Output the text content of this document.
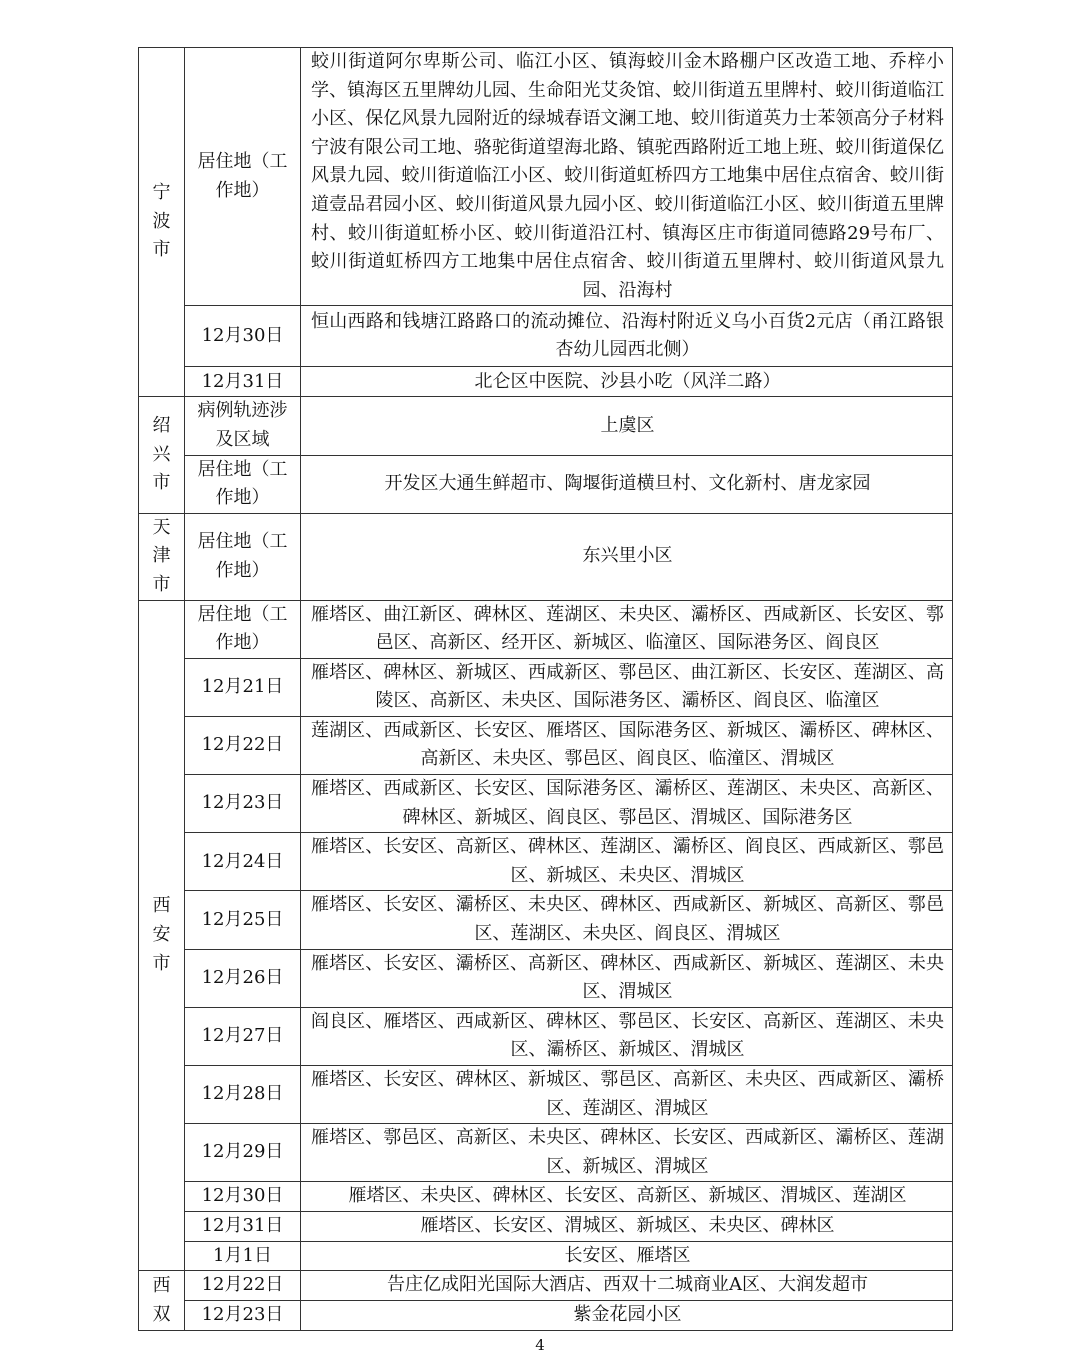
宁波市	居住地（工作地）	蛟川街道阿尔卑斯公司、临江小区、镇海蛟川金木路棚户区改造工地、乔梓小学、镇海区五里牌幼儿园、生命阳光艾灸馆、蛟川街道五里牌村、蛟川街道临江小区、保亿风景九园附近的绿城春语文澜工地、蛟川街道英力士苯领高分子材料宁波有限公司工地、骆驼街道望海北路、镇驼西路附近工地上班、蛟川街道保亿风景九园、蛟川街道临江小区、蛟川街道虹桥四方工地集中居住点宿舍、蛟川街道壹品君园小区、蛟川街道风景九园小区、蛟川街道临江小区、蛟川街道五里牌村、蛟川街道虹桥小区、蛟川街道沿江村、镇海区庄市街道同德路29号布厂、蛟川街道虹桥四方工地集中居住点宿舍、蛟川街道五里牌村、蛟川街道风景九园、沿海村
	12月30日	恒山西路和钱塘江路路口的流动摊位、沿海村附近义乌小百货2元店（甬江路银杏幼儿园西北侧）
	12月31日	北仑区中医院、沙县小吃（风洋二路）

绍兴市	病例轨迹涉及区域	上虞区
	居住地（工作地）	开发区大通生鲜超市、陶堰街道横旦村、文化新村、唐龙家园

天津市	居住地（工作地）	东兴里小区

西安市	居住地（工作地）	雁塔区、曲江新区、碑林区、莲湖区、未央区、灞桥区、西咸新区、长安区、鄠邑区、高新区、经开区、新城区、临潼区、国际港务区、阎良区
	12月21日	雁塔区、碑林区、新城区、西咸新区、鄠邑区、曲江新区、长安区、莲湖区、高陵区、高新区、未央区、国际港务区、灞桥区、阎良区、临潼区
	12月22日	莲湖区、西咸新区、长安区、雁塔区、国际港务区、新城区、灞桥区、碑林区、高新区、未央区、鄠邑区、阎良区、临潼区、渭城区
	12月23日	雁塔区、西咸新区、长安区、国际港务区、灞桥区、莲湖区、未央区、高新区、碑林区、新城区、阎良区、鄠邑区、渭城区、国际港务区
	12月24日	雁塔区、长安区、高新区、碑林区、莲湖区、灞桥区、阎良区、西咸新区、鄠邑区、新城区、未央区、渭城区
	12月25日	雁塔区、长安区、灞桥区、未央区、碑林区、西咸新区、新城区、高新区、鄠邑区、莲湖区、未央区、阎良区、渭城区
	12月26日	雁塔区、长安区、灞桥区、高新区、碑林区、西咸新区、新城区、莲湖区、未央区、渭城区
	12月27日	阎良区、雁塔区、西咸新区、碑林区、鄠邑区、长安区、高新区、莲湖区、未央区、灞桥区、新城区、渭城区
	12月28日	雁塔区、长安区、碑林区、新城区、鄠邑区、高新区、未央区、西咸新区、灞桥区、莲湖区、渭城区
	12月29日	雁塔区、鄠邑区、高新区、未央区、碑林区、长安区、西咸新区、灞桥区、莲湖区、新城区、渭城区
	12月30日	雁塔区、未央区、碑林区、长安区、高新区、新城区、渭城区、莲湖区
	12月31日	雁塔区、长安区、渭城区、新城区、未央区、碑林区
	1月1日	长安区、雁塔区

西双	12月22日	告庄亿成阳光国际大酒店、西双十二城商业A区、大润发超市
	12月23日	紫金花园小区
4
